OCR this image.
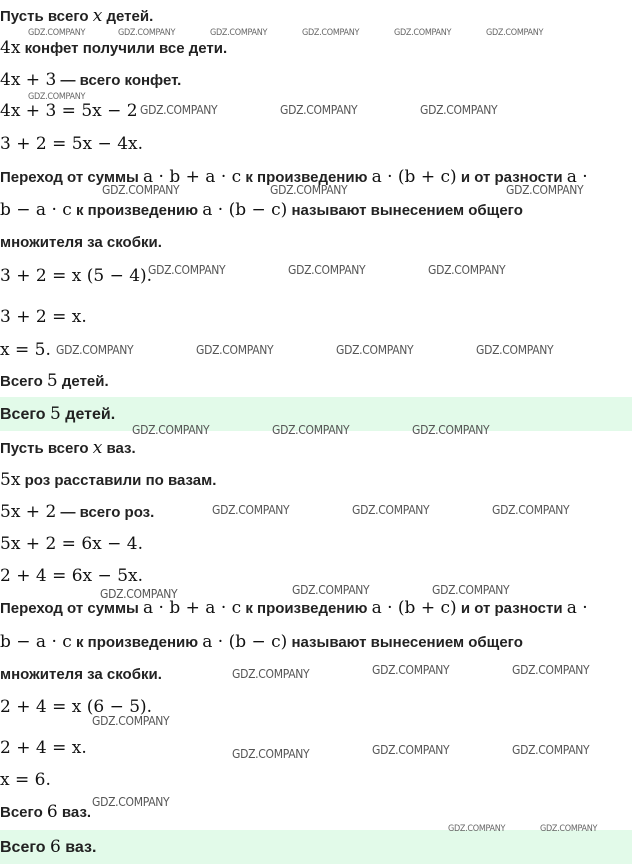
Пусть всего x детей.
4x конфет получили все дети.
4x + 3 — всего конфет.
4x + 3 = 5x − 2
3 + 2 = 5x − 4x.
Переход от суммы a · b + a · c к произведению a · (b + c) и от разности a ·
b − a · c к произведению a · (b − c) называют вынесением общего
множителя за скобки.
3 + 2 = x (5 − 4).
3 + 2 = x.
x = 5.
Всего 5 детей.
Всего 5 детей.
Пусть всего x ваз.
5x роз расставили по вазам.
5x + 2 — всего роз.
5x + 2 = 6x − 4.
2 + 4 = 6x − 5x.
Переход от суммы a · b + a · c к произведению a · (b + c) и от разности a ·
b − a · c к произведению a · (b − c) называют вынесением общего
множителя за скобки.
2 + 4 = x (6 − 5).
2 + 4 = x.
x = 6.
Всего 6 ваз.
Всего 6 ваз.
GDZ.COMPANY	GDZ.COMPANY	GDZ.COMPANY	GDZ.COMPANY	GDZ.COMPANY	GDZ.COMPANY
GDZ.COMPANY
GDZ.COMPANY	GDZ.COMPANY	GDZ.COMPANY
GDZ.COMPANY	GDZ.COMPANY	GDZ.COMPANY
GDZ.COMPANY	GDZ.COMPANY	GDZ.COMPANY
GDZ.COMPANY	GDZ.COMPANY	GDZ.COMPANY	GDZ.COMPANY
GDZ.COMPANY	GDZ.COMPANY	GDZ.COMPANY
GDZ.COMPANY	GDZ.COMPANY	GDZ.COMPANY
GDZ.COMPANY	GDZ.COMPANY	GDZ.COMPANY
GDZ.COMPANY	GDZ.COMPANY	GDZ.COMPANY
GDZ.COMPANY
GDZ.COMPANY	GDZ.COMPANY	GDZ.COMPANY
GDZ.COMPANY
GDZ.COMPANY	GDZ.COMPANY
